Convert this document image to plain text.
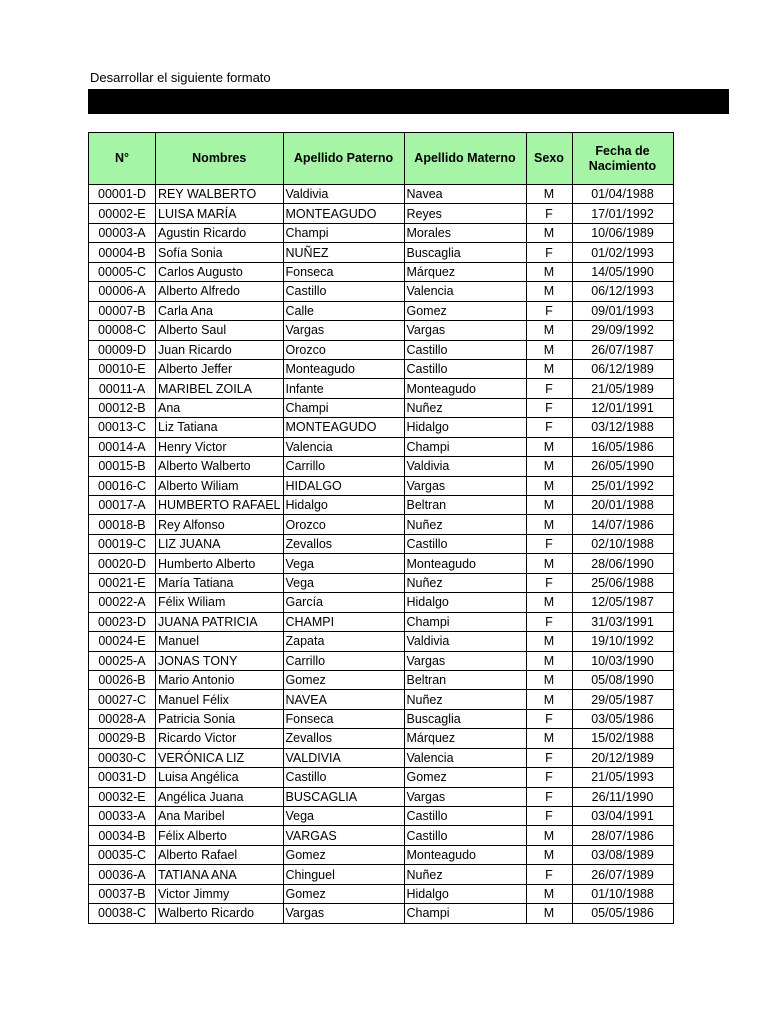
Desarrollar el siguiente formato
N°	Nombres	Apellido Paterno	Apellido Materno	Sexo	Fecha de Nacimiento
00001-D	REY WALBERTO	Valdivia	Navea	M	01/04/1988
00002-E	LUISA MARÍA	MONTEAGUDO	Reyes	F	17/01/1992
00003-A	Agustin Ricardo	Champi	Morales	M	10/06/1989
00004-B	Sofía Sonia	NUÑEZ	Buscaglia	F	01/02/1993
00005-C	Carlos Augusto	Fonseca	Márquez	M	14/05/1990
00006-A	Alberto Alfredo	Castillo	Valencia	M	06/12/1993
00007-B	Carla Ana	Calle	Gomez	F	09/01/1993
00008-C	Alberto Saul	Vargas	Vargas	M	29/09/1992
00009-D	Juan Ricardo	Orozco	Castillo	M	26/07/1987
00010-E	Alberto Jeffer	Monteagudo	Castillo	M	06/12/1989
00011-A	MARIBEL ZOILA	Infante	Monteagudo	F	21/05/1989
00012-B	Ana	Champi	Nuñez	F	12/01/1991
00013-C	Liz Tatiana	MONTEAGUDO	Hidalgo	F	03/12/1988
00014-A	Henry Victor	Valencia	Champi	M	16/05/1986
00015-B	Alberto Walberto	Carrillo	Valdivia	M	26/05/1990
00016-C	Alberto Wiliam	HIDALGO	Vargas	M	25/01/1992
00017-A	HUMBERTO RAFAEL	Hidalgo	Beltran	M	20/01/1988
00018-B	Rey Alfonso	Orozco	Nuñez	M	14/07/1986
00019-C	LIZ JUANA	Zevallos	Castillo	F	02/10/1988
00020-D	Humberto Alberto	Vega	Monteagudo	M	28/06/1990
00021-E	María Tatiana	Vega	Nuñez	F	25/06/1988
00022-A	Félix Wiliam	García	Hidalgo	M	12/05/1987
00023-D	JUANA PATRICIA	CHAMPI	Champi	F	31/03/1991
00024-E	Manuel	Zapata	Valdivia	M	19/10/1992
00025-A	JONAS TONY	Carrillo	Vargas	M	10/03/1990
00026-B	Mario Antonio	Gomez	Beltran	M	05/08/1990
00027-C	Manuel Félix	NAVEA	Nuñez	M	29/05/1987
00028-A	Patricia Sonia	Fonseca	Buscaglia	F	03/05/1986
00029-B	Ricardo Victor	Zevallos	Márquez	M	15/02/1988
00030-C	VERÓNICA LIZ	VALDIVIA	Valencia	F	20/12/1989
00031-D	Luisa Angélica	Castillo	Gomez	F	21/05/1993
00032-E	Angélica Juana	BUSCAGLIA	Vargas	F	26/11/1990
00033-A	Ana Maribel	Vega	Castillo	F	03/04/1991
00034-B	Félix Alberto	VARGAS	Castillo	M	28/07/1986
00035-C	Alberto Rafael	Gomez	Monteagudo	M	03/08/1989
00036-A	TATIANA ANA	Chinguel	Nuñez	F	26/07/1989
00037-B	Victor Jimmy	Gomez	Hidalgo	M	01/10/1988
00038-C	Walberto Ricardo	Vargas	Champi	M	05/05/1986
